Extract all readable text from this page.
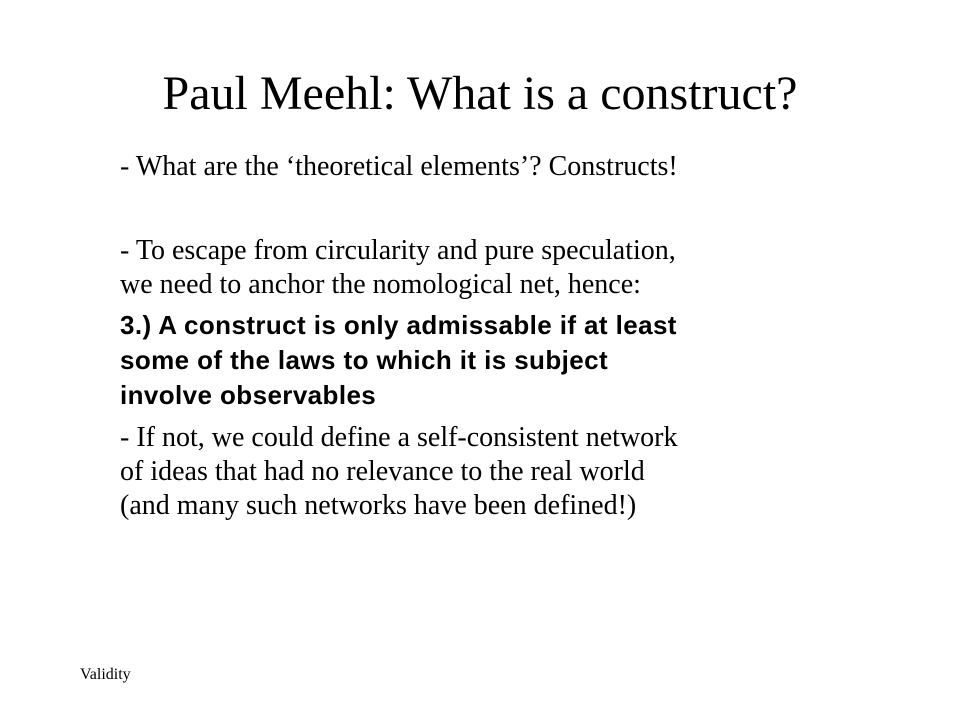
Paul Meehl: What is a construct?

- What are the ‘theoretical elements’? Constructs!

- To escape from circularity and pure speculation,
we need to anchor the nomological net, hence:

3.) A construct is only admissable if at least
some of the laws to which it is subject
involve observables

- If not, we could define a self-consistent network
of ideas that had no relevance to the real world
(and many such networks have been defined!)

Validity
